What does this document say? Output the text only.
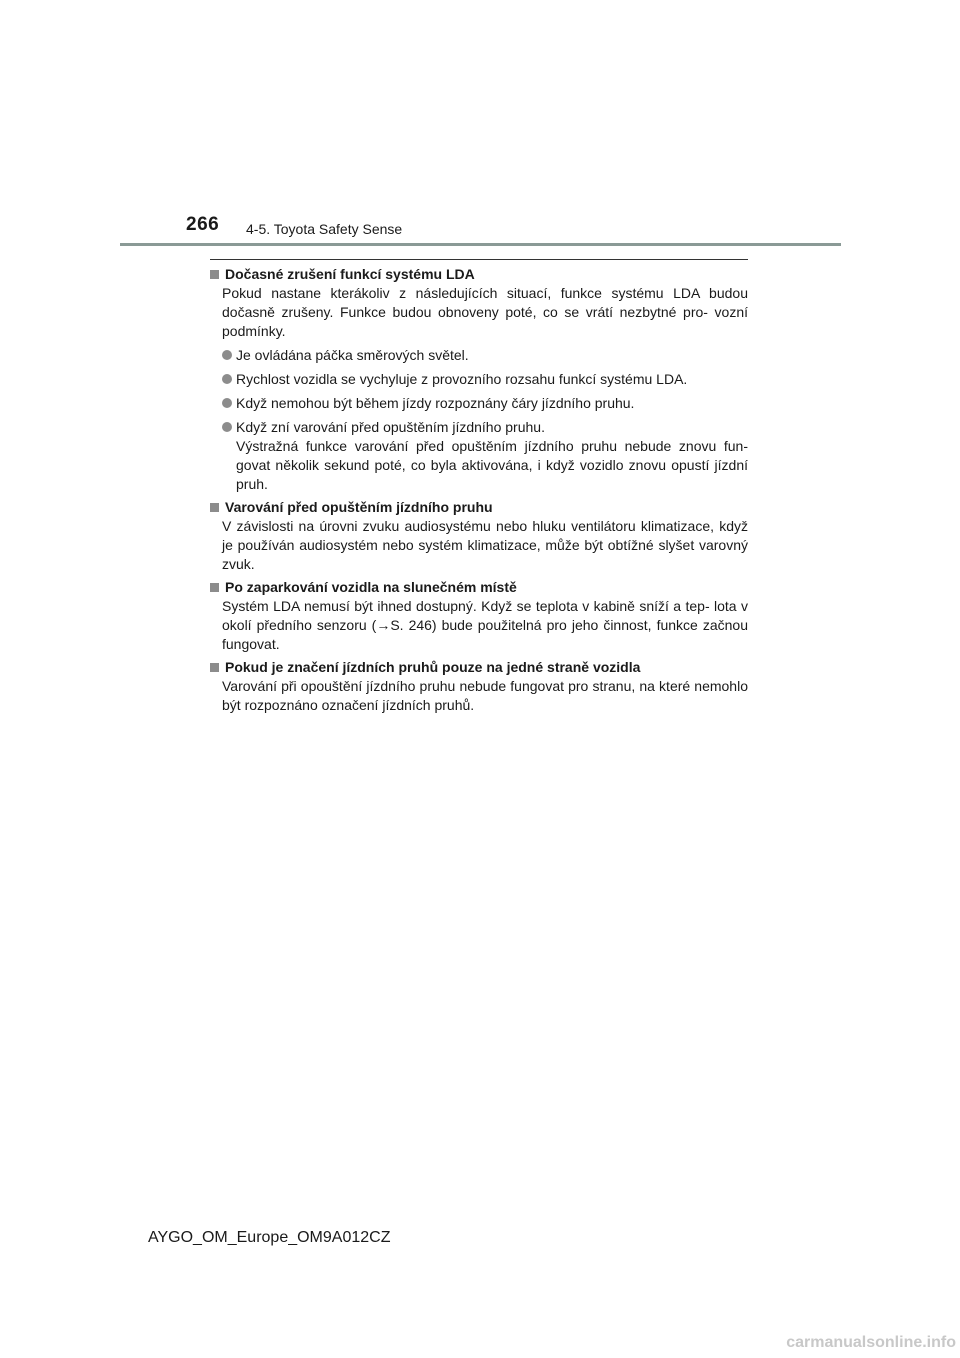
266 4-5. Toyota Safety Sense
Dočasné zrušení funkcí systému LDA
Pokud nastane kterákoliv z následujících situací, funkce systému LDA budou dočasně zrušeny. Funkce budou obnoveny poté, co se vrátí nezbytné pro- vozní podmínky.
Je ovládána páčka směrových světel.
Rychlost vozidla se vychyluje z provozního rozsahu funkcí systému LDA.
Když nemohou být během jízdy rozpoznány čáry jízdního pruhu.
Když zní varování před opuštěním jízdního pruhu.
Výstražná funkce varování před opuštěním jízdního pruhu nebude znovu fun- govat několik sekund poté, co byla aktivována, i když vozidlo znovu opustí jízdní pruh.
Varování před opuštěním jízdního pruhu
V závislosti na úrovni zvuku audiosystému nebo hluku ventilátoru klimatizace, když je používán audiosystém nebo systém klimatizace, může být obtížné slyšet varovný zvuk.
Po zaparkování vozidla na slunečném místě
Systém LDA nemusí být ihned dostupný. Když se teplota v kabině sníží a tep- lota v okolí předního senzoru (→S. 246) bude použitelná pro jeho činnost, funkce začnou fungovat.
Pokud je značení jízdních pruhů pouze na jedné straně vozidla
Varování při opouštění jízdního pruhu nebude fungovat pro stranu, na které nemohlo být rozpoznáno označení jízdních pruhů.
AYGO_OM_Europe_OM9A012CZ
carmanualsonline.info
